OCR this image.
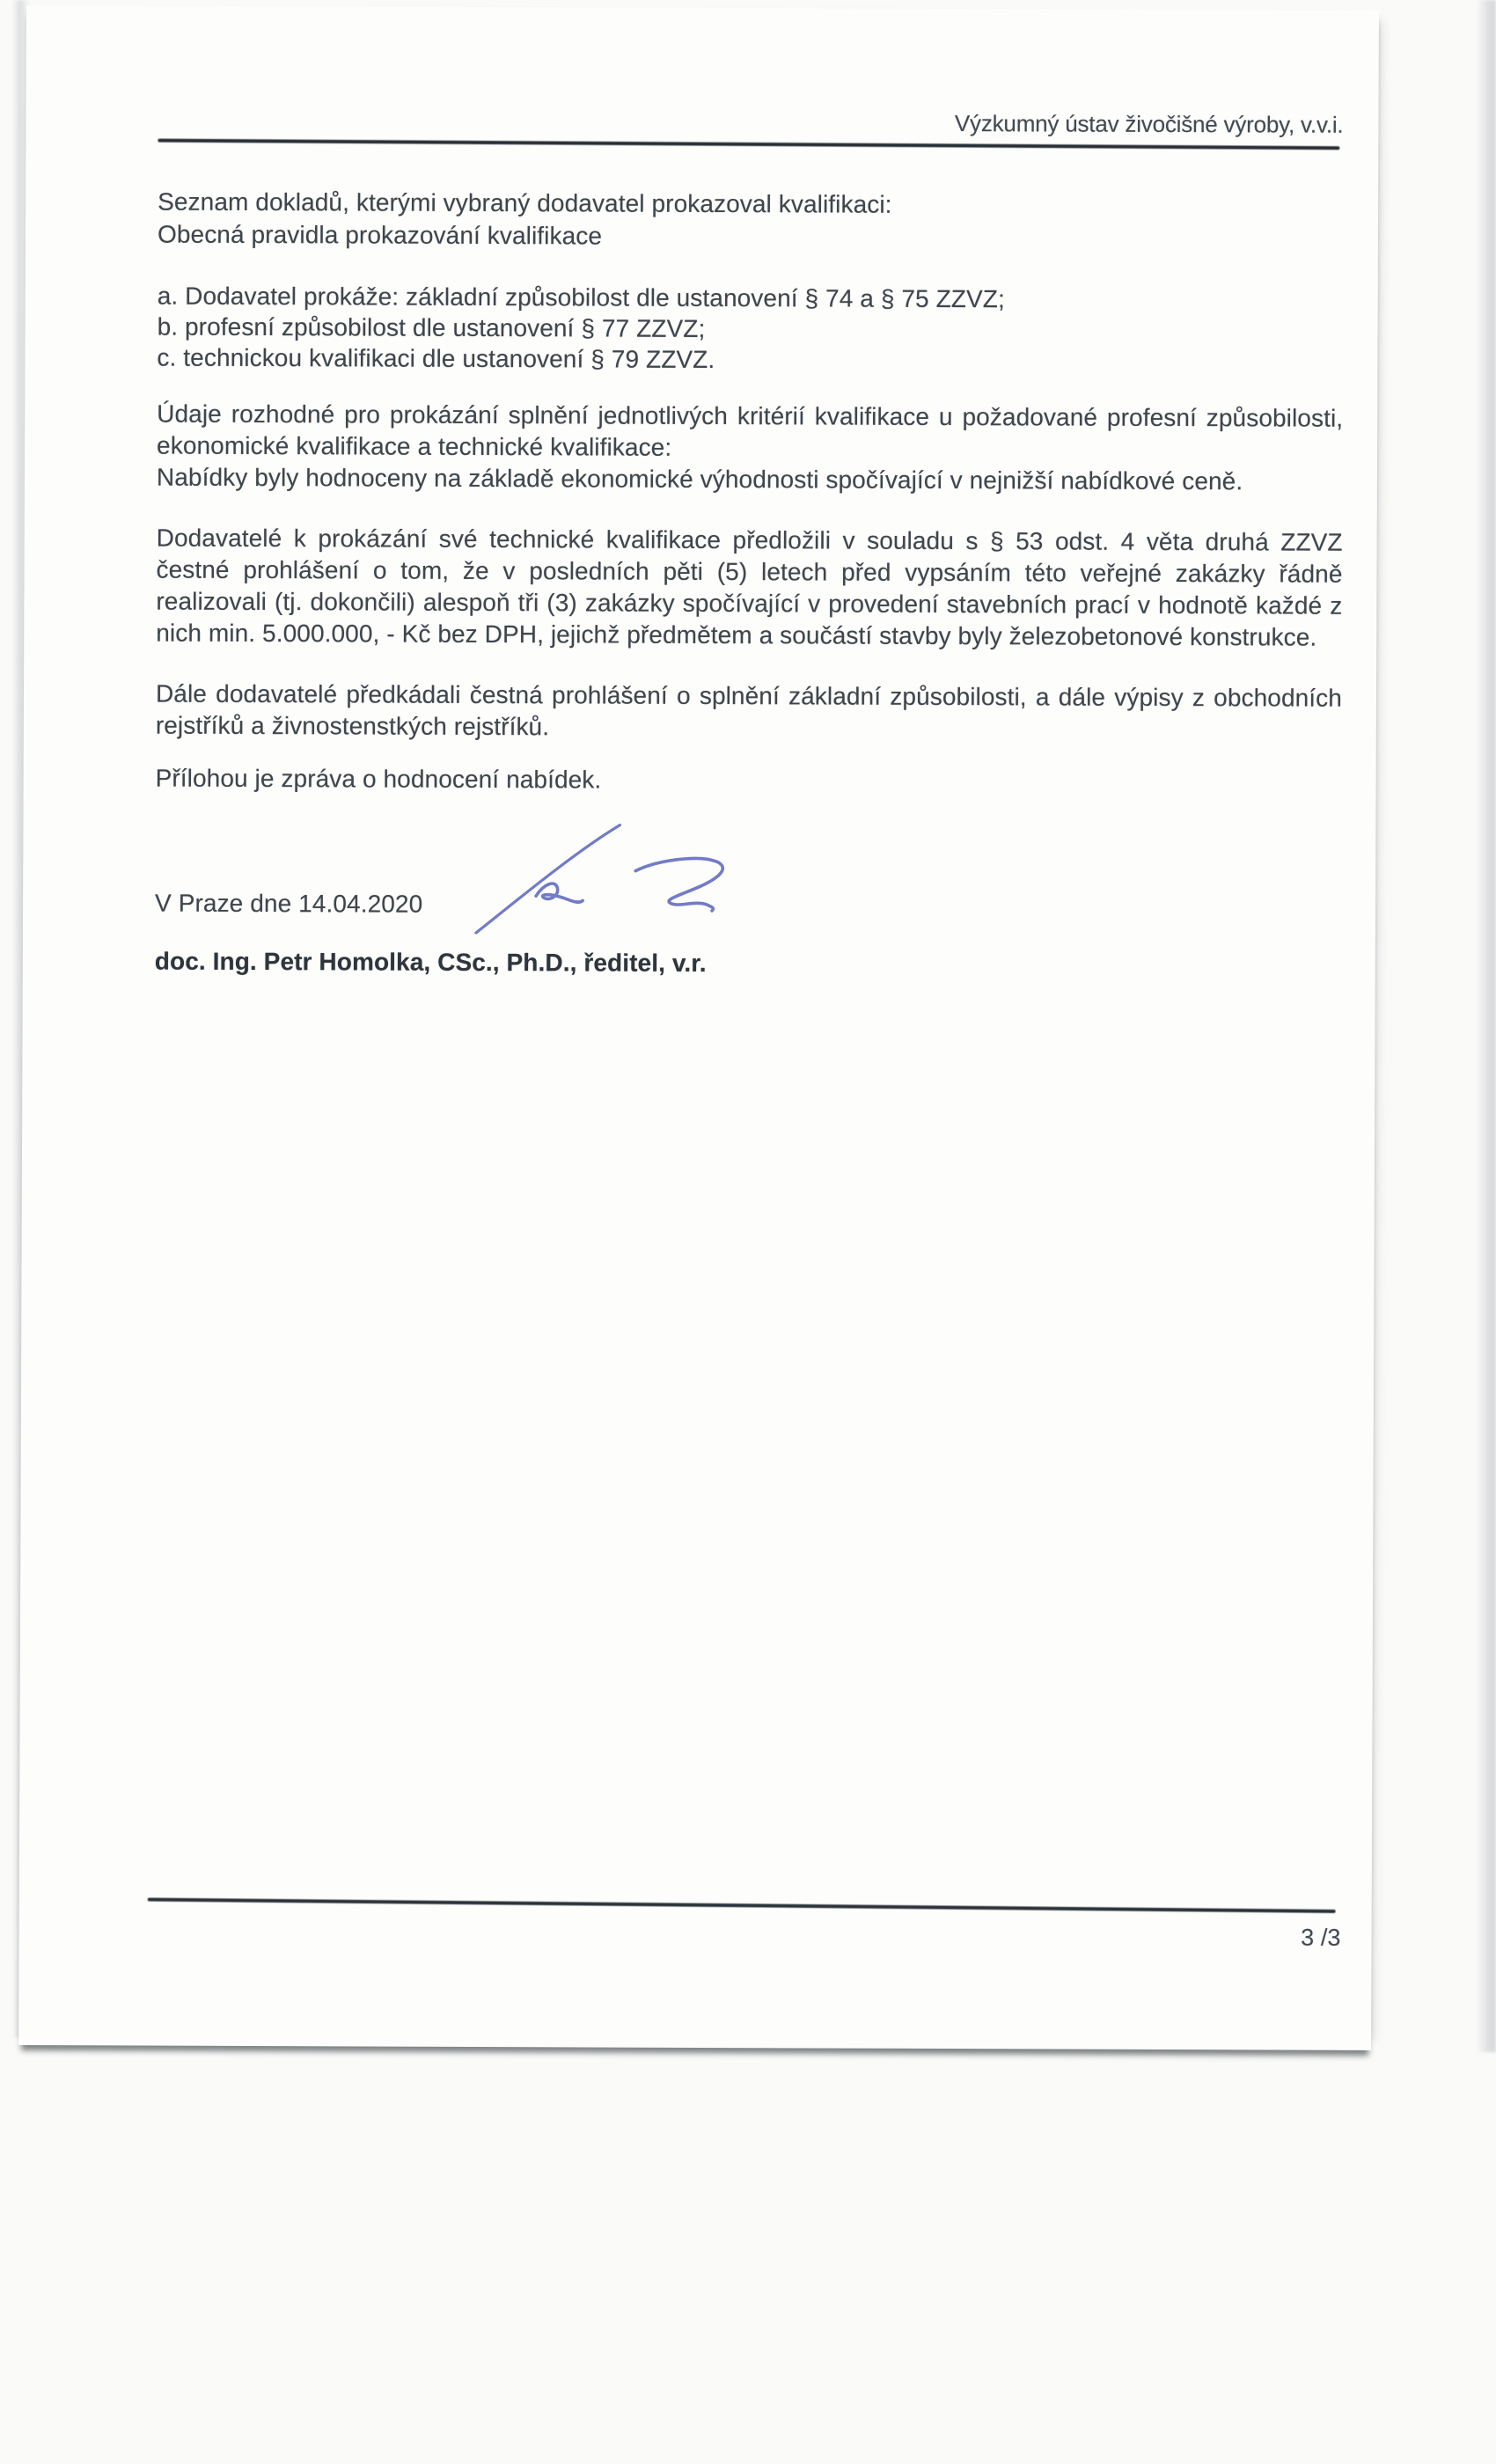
Výzkumný ústav živočišné výroby, v.v.i.
Seznam dokladů, kterými vybraný dodavatel prokazoval kvalifikaci:
Obecná pravidla prokazování kvalifikace
a. Dodavatel prokáže: základní způsobilost dle ustanovení § 74 a § 75 ZZVZ;
b. profesní způsobilost dle ustanovení § 77 ZZVZ;
c. technickou kvalifikaci dle ustanovení § 79 ZZVZ.
Údaje rozhodné pro prokázání splnění jednotlivých kritérií kvalifikace u požadované profesní způsobilosti,
ekonomické kvalifikace a technické kvalifikace:
Nabídky byly hodnoceny na základě ekonomické výhodnosti spočívající v nejnižší nabídkové ceně.
Dodavatelé k prokázání své technické kvalifikace předložili v souladu s § 53 odst. 4 věta druhá ZZVZ
čestné prohlášení o tom, že v posledních pěti (5) letech před vypsáním této veřejné zakázky řádně
realizovali (tj. dokončili) alespoň tři (3) zakázky spočívající v provedení stavebních prací v hodnotě každé z
nich min. 5.000.000, - Kč bez DPH, jejichž předmětem a součástí stavby byly železobetonové konstrukce.
Dále dodavatelé předkádali čestná prohlášení o splnění základní způsobilosti, a dále výpisy z obchodních
rejstříků a živnostenstkých rejstříků.
Přílohou je zpráva o hodnocení nabídek.
V Praze dne 14.04.2020
doc. Ing. Petr Homolka, CSc., Ph.D., ředitel, v.r.
3 /3
